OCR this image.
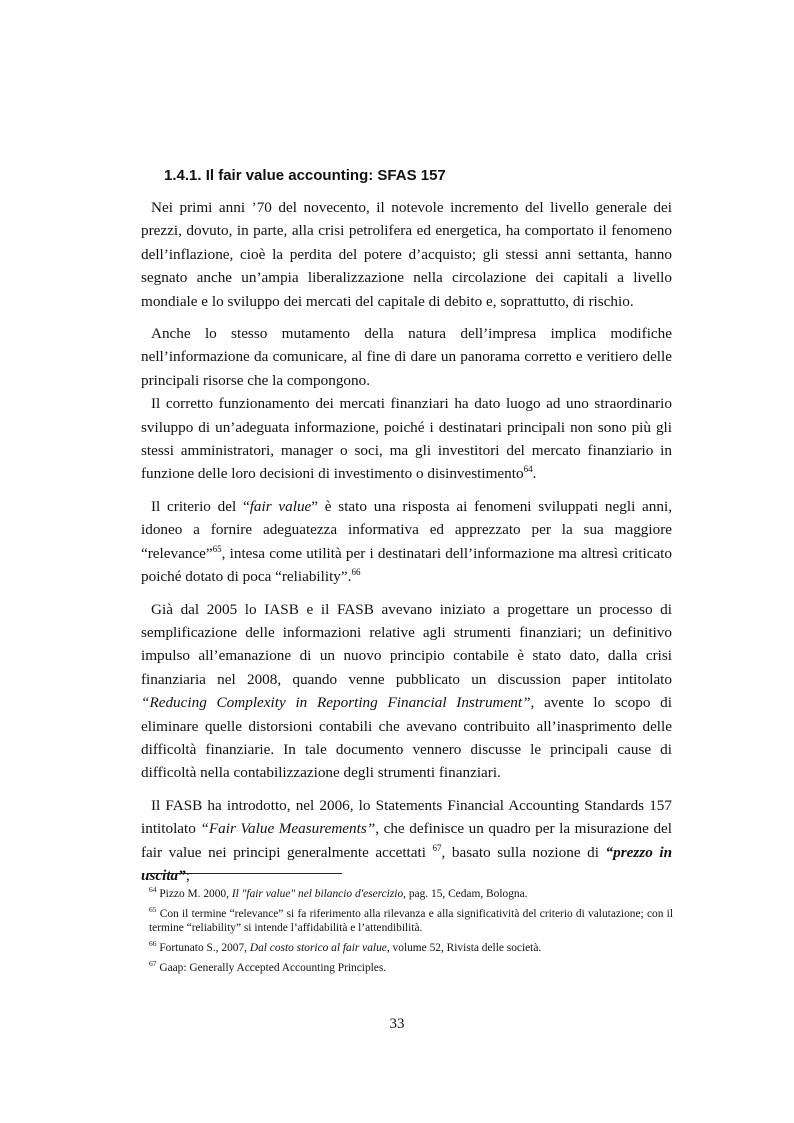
1.4.1. Il fair value accounting: SFAS 157

Nei primi anni ’70 del novecento, il notevole incremento del livello generale dei prezzi, dovuto, in parte, alla crisi petrolifera ed energetica, ha comportato il fenomeno dell’inflazione, cioè la perdita del potere d’acquisto; gli stessi anni settanta, hanno segnato anche un’ampia liberalizzazione nella circolazione dei capitali a livello mondiale e lo sviluppo dei mercati del capitale di debito e, soprattutto, di rischio.

Anche lo stesso mutamento della natura dell’impresa implica modifiche nell’informazione da comunicare, al fine di dare un panorama corretto e veritiero delle principali risorse che la compongono.

Il corretto funzionamento dei mercati finanziari ha dato luogo ad uno straordinario sviluppo di un’adeguata informazione, poiché i destinatari principali non sono più gli stessi amministratori, manager o soci, ma gli investitori del mercato finanziario in funzione delle loro decisioni di investimento o disinvestimento$^{64}$.

Il criterio del “fair value” è stato una risposta ai fenomeni sviluppati negli anni, idoneo a fornire adeguatezza informativa ed apprezzato per la sua maggiore “relevance”$^{65}$, intesa come utilità per i destinatari dell’informazione ma altresì criticato poiché dotato di poca “reliability”.$^{66}$

Già dal 2005 lo IASB e il FASB avevano iniziato a progettare un processo di semplificazione delle informazioni relative agli strumenti finanziari; un definitivo impulso all’emanazione di un nuovo principio contabile è stato dato, dalla crisi finanziaria nel 2008, quando venne pubblicato un discussion paper intitolato “Reducing Complexity in Reporting Financial Instrument”, avente lo scopo di eliminare quelle distorsioni contabili che avevano contribuito all’inasprimento delle difficoltà finanziarie. In tale documento vennero discusse le principali cause di difficoltà nella contabilizzazione degli strumenti finanziari.

Il FASB ha introdotto, nel 2006, lo Statements Financial Accounting Standards 157 intitolato “Fair Value Measurements”, che definisce un quadro per la misurazione del fair value nei principi generalmente accettati $^{67}$, basato sulla nozione di “prezzo in uscita”;

$^{64}$ Pizzo M. 2000, Il "fair value" nel bilancio d'esercizio, pag. 15, Cedam, Bologna.

$^{65}$ Con il termine “relevance” si fa riferimento alla rilevanza e alla significatività del criterio di valutazione; con il termine “reliability” si intende l’affidabilità e l’attendibilità.

$^{66}$ Fortunato S., 2007, Dal costo storico al fair value, volume 52, Rivista delle società.

$^{67}$ Gaap: Generally Accepted Accounting Principles.

33
